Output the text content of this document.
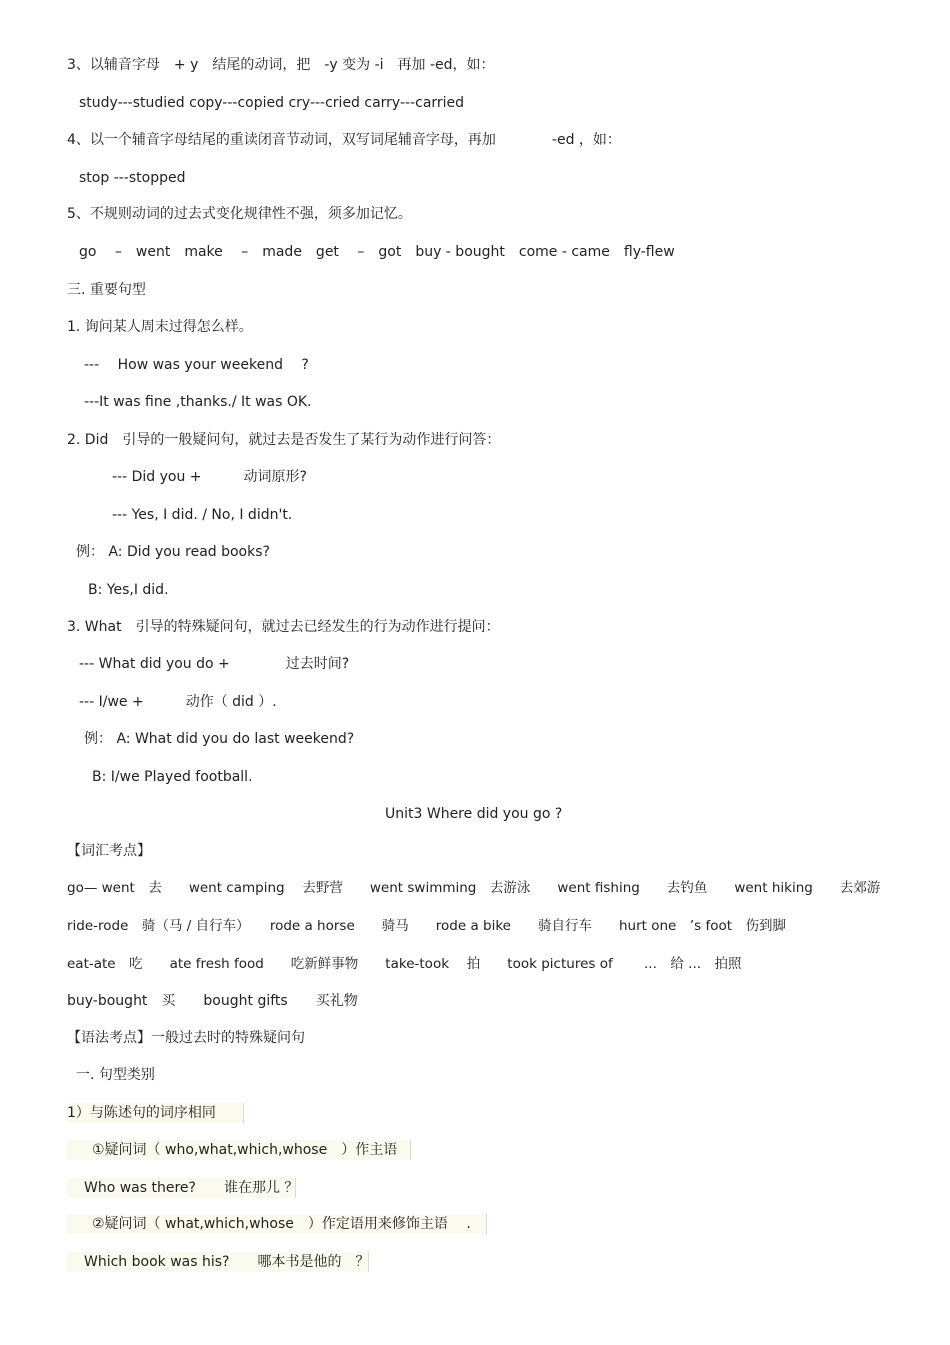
3、以辅音字母　+ y　结尾的动词，把　-y 变为 -i　再加 -ed，如：
study---studied copy---copied cry---cried carry---carried
4、以一个辅音字母结尾的重读闭音节动词，双写词尾辅音字母，再加　　　　-ed ，如：
stop ---stopped
5、不规则动词的过去式变化规律性不强，须多加记忆。
go　 –　went　make　 –　made　get　 –　got　buy - bought　come - came　fly-flew
三. 重要句型
1. 询问某人周末过得怎么样。
---　 How was your weekend　 ?
---It was fine ,thanks./ It was OK.
2. Did　引导的一般疑问句，就过去是否发生了某行为动作进行问答：
--- Did you +　　　动词原形?
--- Yes, I did. / No, I didn't.
例： A: Did you read books?
B: Yes,I did.
3. What　引导的特殊疑问句，就过去已经发生的行为动作进行提问：
--- What did you do +　　　　过去时间?
--- I/we +　　　动作（ did ）.
例： A: What did you do last weekend?
B: I/we Played football.
Unit3 Where did you go ?
【词汇考点】
go— went　去　　went camping　 去野营　　went swimming　去游泳　　went fishing　　去钓鱼　　went hiking　　去郊游
ride-rode　骑（马 / 自行车）　　rode a horse　　骑马　　rode a bike　　骑自行车　　hurt one　’s foot　伤到脚
eat-ate　吃　　ate fresh food　　吃新鲜事物　　take-took　 拍　　took pictures of　　 ...　给 ...　拍照
buy-bought　买　　bought gifts　　买礼物
【语法考点】一般过去时的特殊疑问句
一. 句型类别
1）与陈述句的词序相同
①疑问词（ who,what,which,whose　）作主语
Who was there?　　谁在那儿 ？
②疑问词（ what,which,whose　）作定语用来修饰主语　 .
Which book was his?　　哪本书是他的　？
